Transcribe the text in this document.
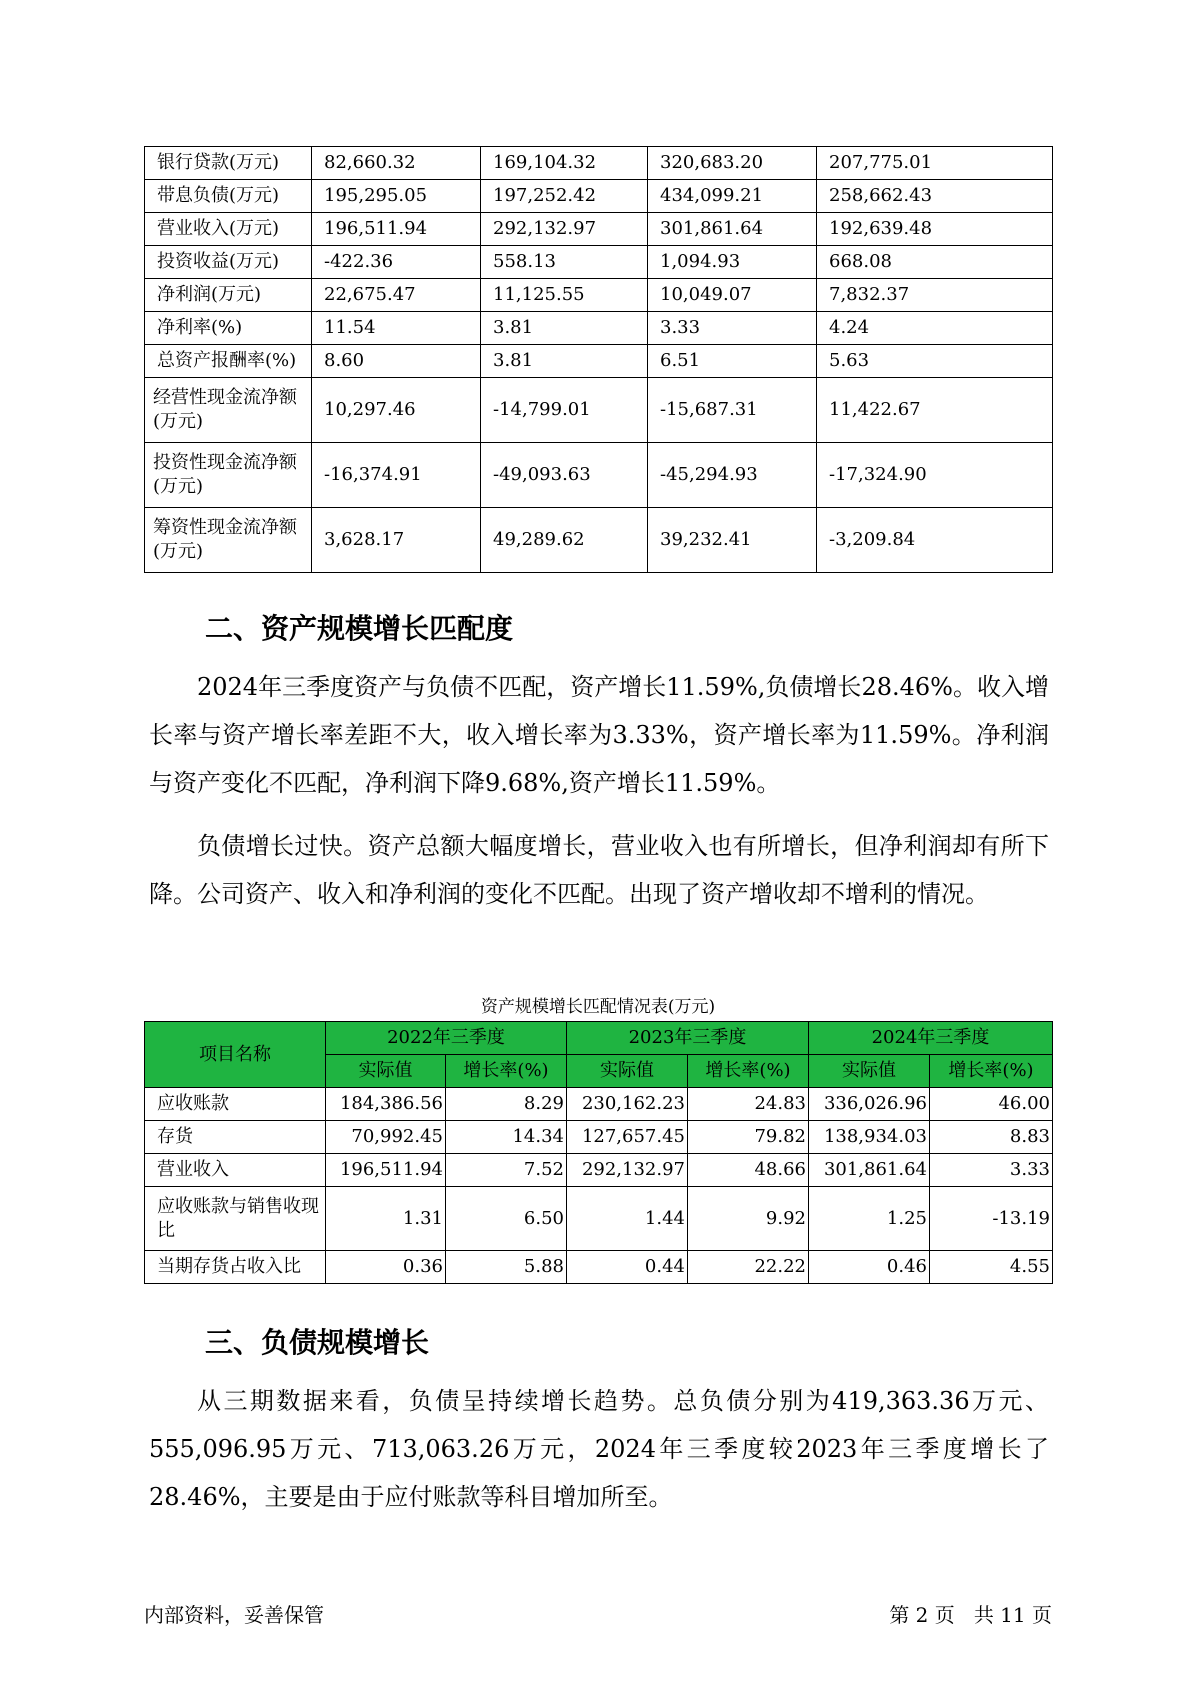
银行贷款(万元)	82,660.32	169,104.32	320,683.20	207,775.01
带息负债(万元)	195,295.05	197,252.42	434,099.21	258,662.43
营业收入(万元)	196,511.94	292,132.97	301,861.64	192,639.48
投资收益(万元)	-422.36	558.13	1,094.93	668.08
净利润(万元)	22,675.47	11,125.55	10,049.07	7,832.37
净利率(%)	11.54	3.81	3.33	4.24
总资产报酬率(%)	8.60	3.81	6.51	5.63
经营性现金流净额(万元)	10,297.46	-14,799.01	-15,687.31	11,422.67
投资性现金流净额(万元)	-16,374.91	-49,093.63	-45,294.93	-17,324.90
筹资性现金流净额(万元)	3,628.17	49,289.62	39,232.41	-3,209.84
二、资产规模增长匹配度

2024年三季度资产与负债不匹配，资产增长11.59%,负债增长28.46%。收入增长率与资产增长率差距不大，收入增长率为3.33%，资产增长率为11.59%。净利润与资产变化不匹配，净利润下降9.68%,资产增长11.59%。

负债增长过快。资产总额大幅度增长，营业收入也有所增长，但净利润却有所下降。公司资产、收入和净利润的变化不匹配。出现了资产增收却不增利的情况。

资产规模增长匹配情况表(万元)
项目名称	2022年三季度		2023年三季度		2024年三季度	
	实际值	增长率(%)	实际值	增长率(%)	实际值	增长率(%)
应收账款	184,386.56	8.29	230,162.23	24.83	336,026.96	46.00
存货	70,992.45	14.34	127,657.45	79.82	138,934.03	8.83
营业收入	196,511.94	7.52	292,132.97	48.66	301,861.64	3.33
应收账款与销售收现比	1.31	6.50	1.44	9.92	1.25	-13.19
当期存货占收入比	0.36	5.88	0.44	22.22	0.46	4.55
三、负债规模增长

从三期数据来看，负债呈持续增长趋势。总负债分别为419,363.36万元、555,096.95万元、713,063.26万元，2024年三季度较2023年三季度增长了28.46%，主要是由于应付账款等科目增加所至。

内部资料，妥善保管	第 2 页   共 11 页
